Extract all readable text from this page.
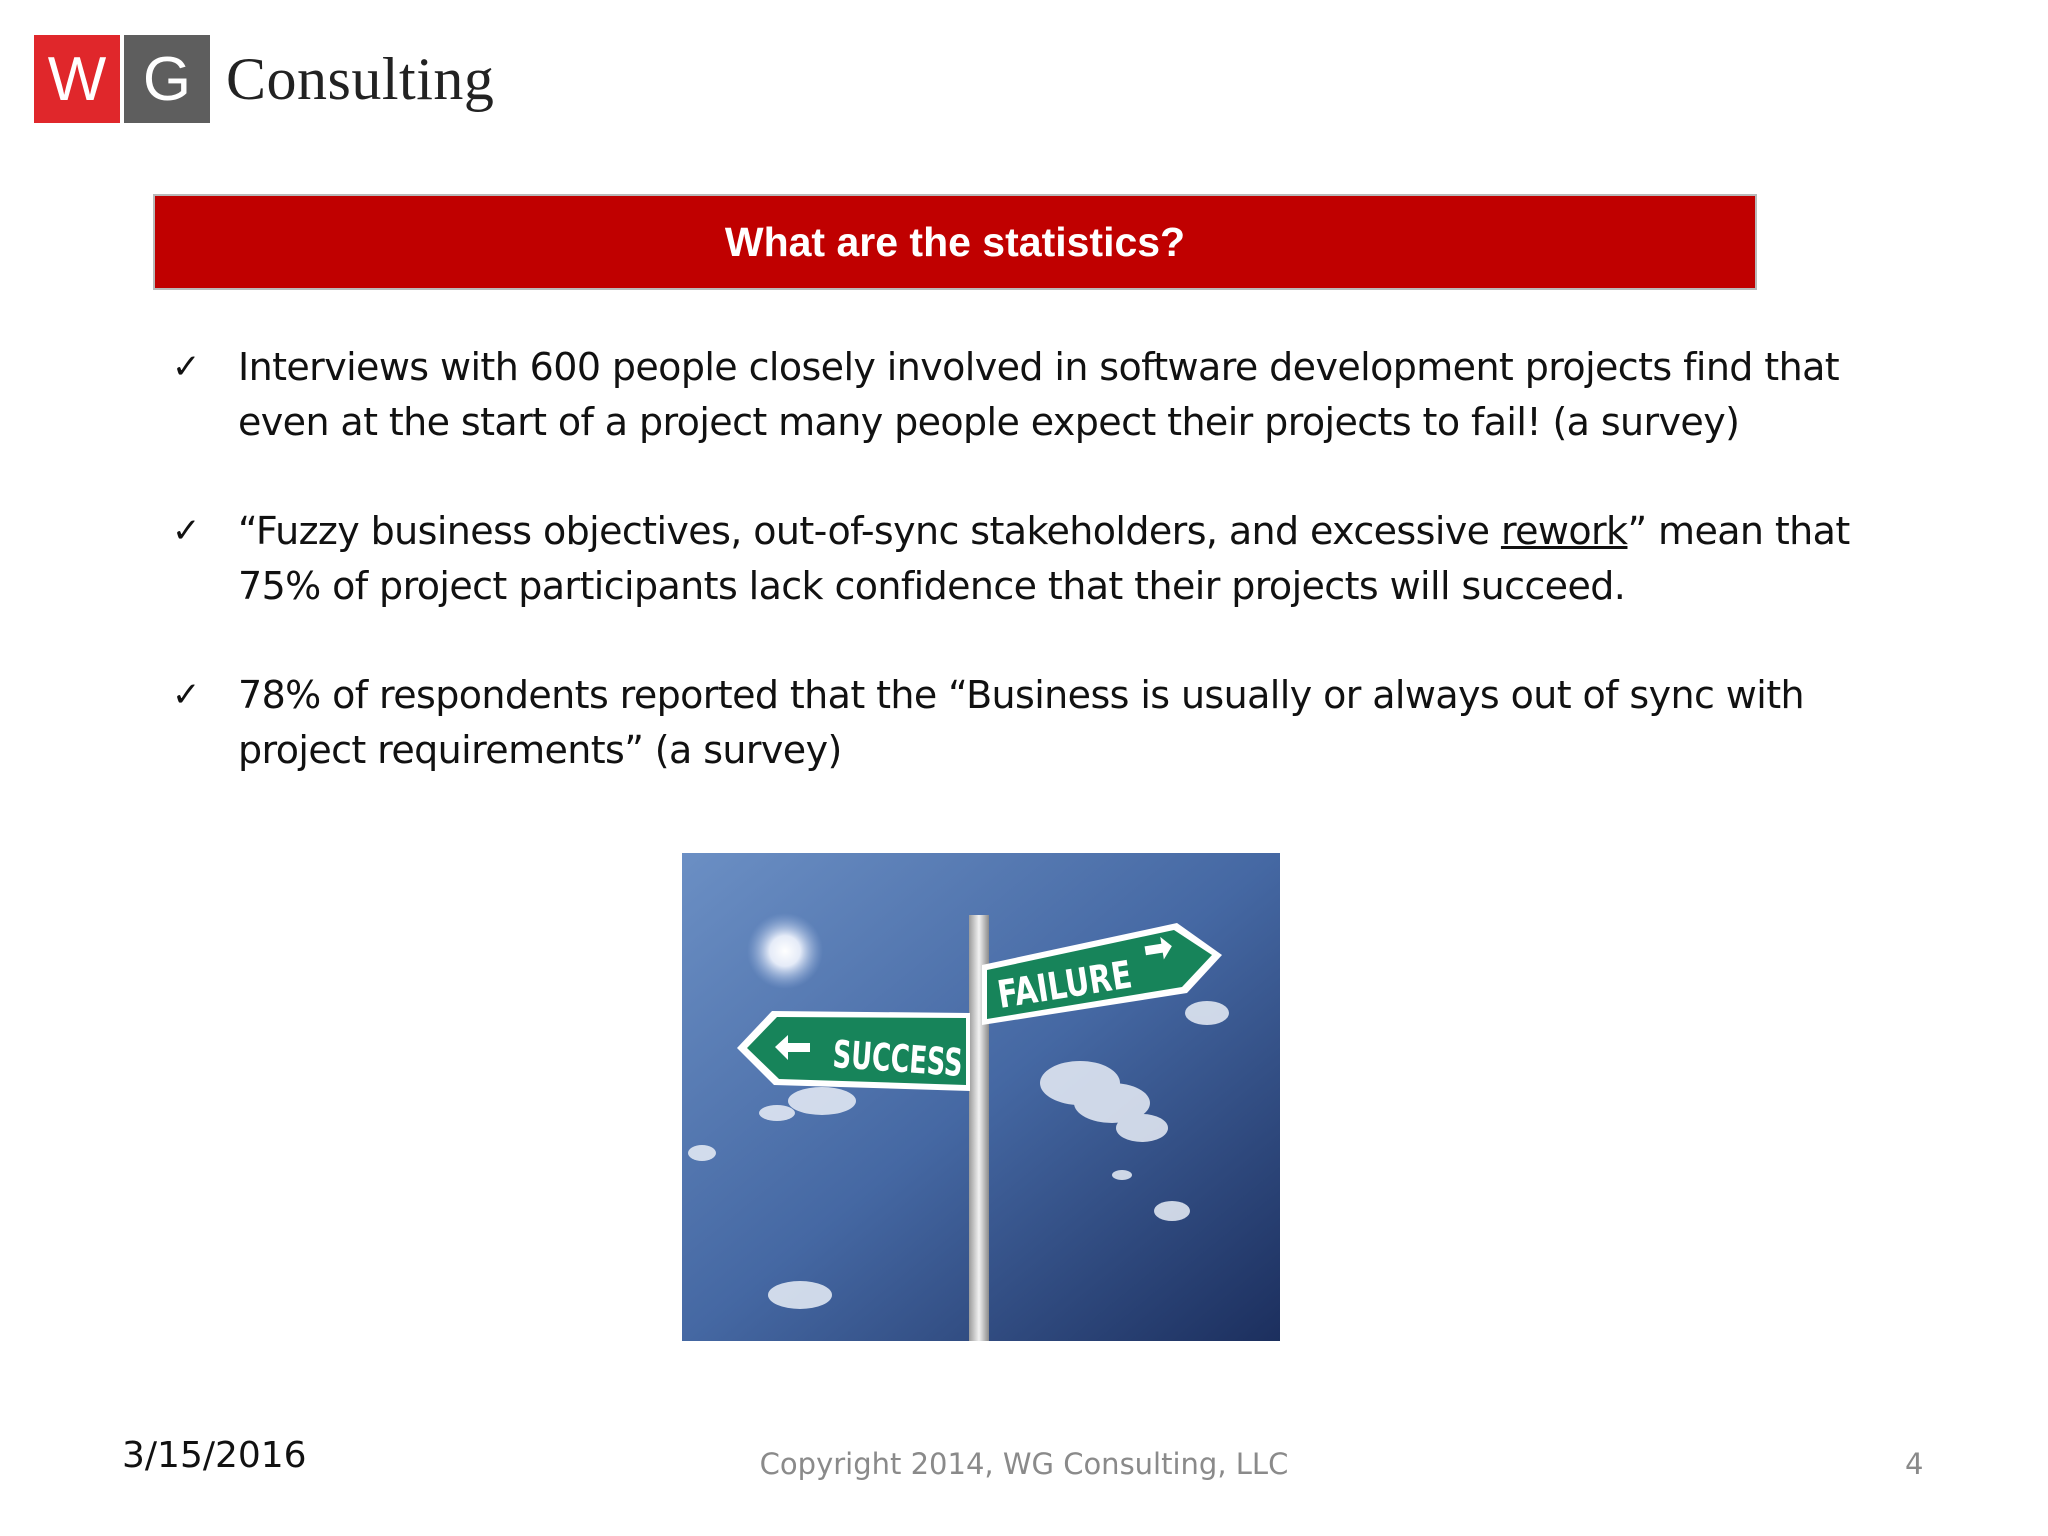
W G Consulting
What are the statistics?
✓ Interviews with 600 people closely involved in software development projects find that even at the start of a project many people expect their projects to fail! (a survey)
✓ “Fuzzy business objectives, out-of-sync stakeholders, and excessive rework” mean that 75% of project participants lack confidence that their projects will succeed.
✓ 78% of respondents reported that the “Business is usually or always out of sync with project requirements” (a survey)
FAILURE
SUCCESS
3/15/2016	Copyright 2014, WG Consulting, LLC	4
